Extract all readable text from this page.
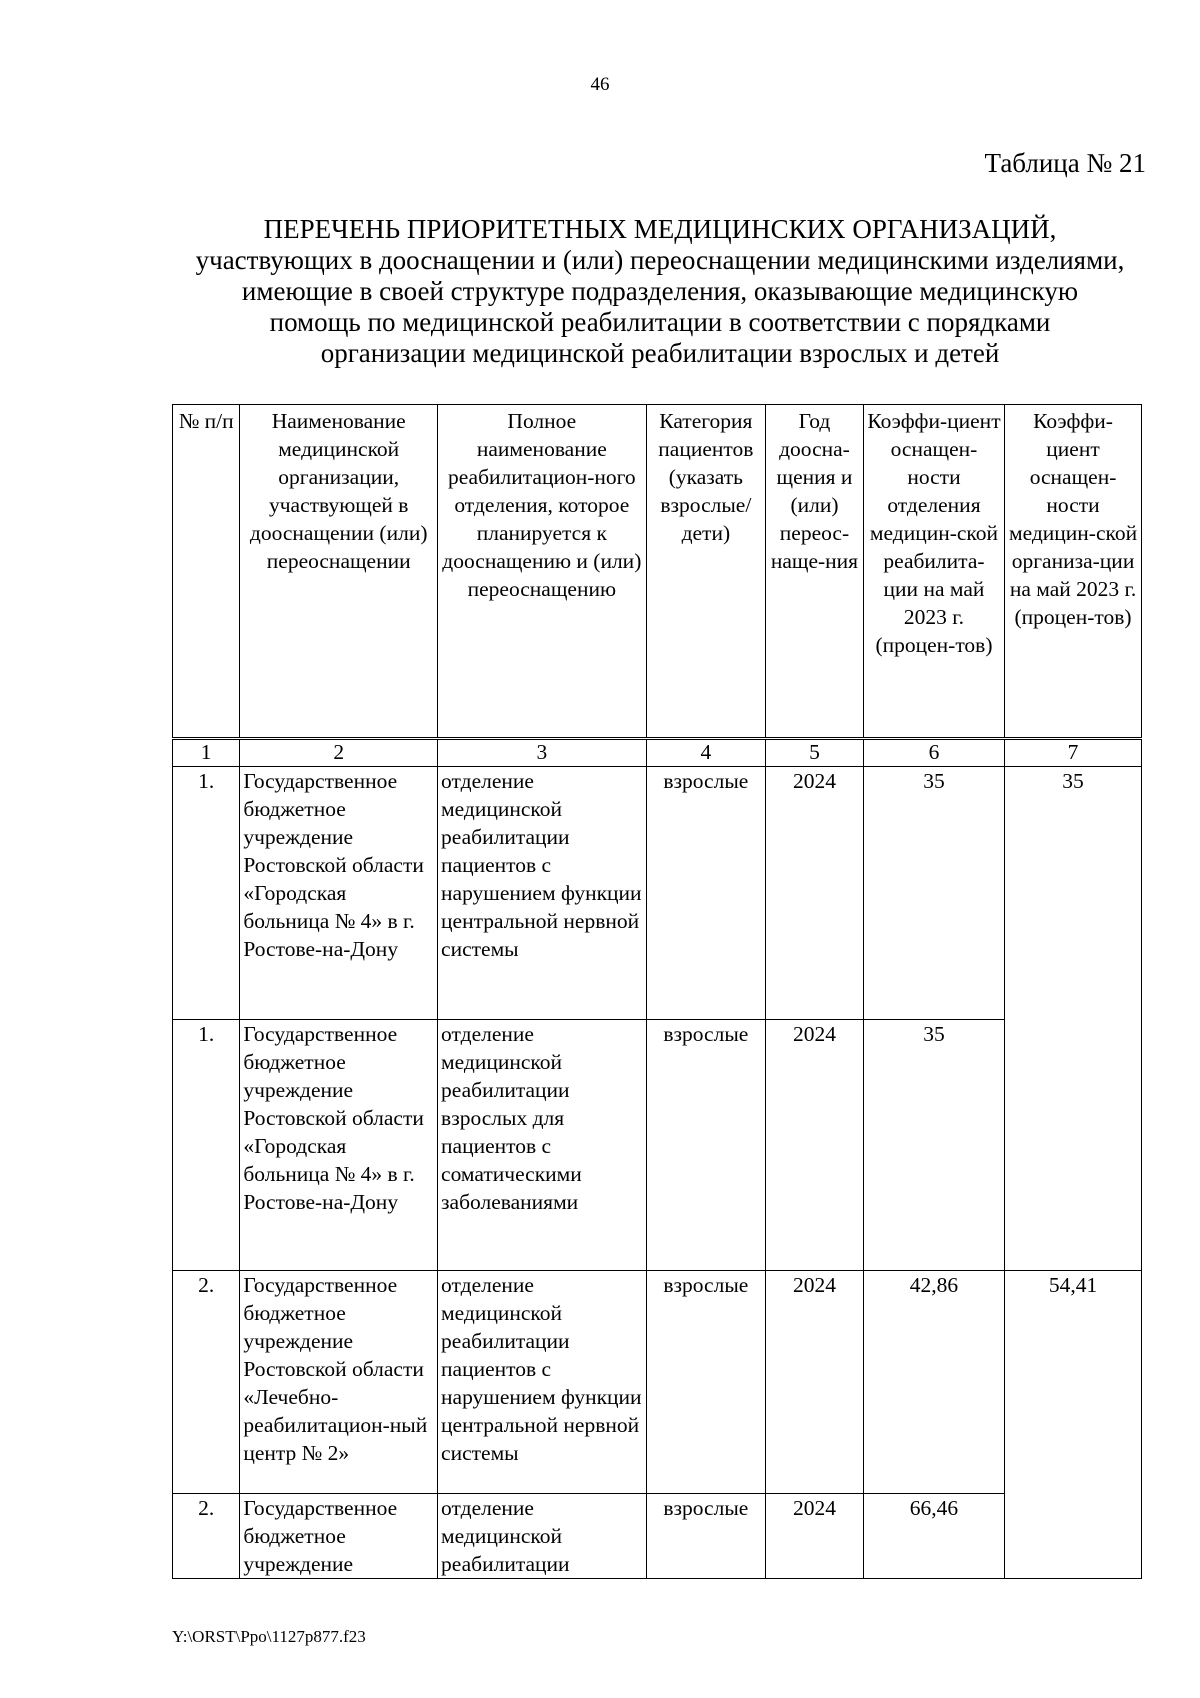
46
Таблица № 21
ПЕРЕЧЕНЬ ПРИОРИТЕТНЫХ МЕДИЦИНСКИХ ОРГАНИЗАЦИЙ,
участвующих в дооснащении и (или) переоснащении медицинскими изделиями,
имеющие в своей структуре подразделения, оказывающие медицинскую
помощь по медицинской реабилитации в соответствии с порядками
организации медицинской реабилитации взрослых и детей
№ п/п	Наименование медицинской организации, участвующей в дооснащении (или) переоснащении	Полное наименование реабилитацион-ного отделения, которое планируется к дооснащению и (или) переоснащению	Категория пациентов (указать взрослые/ дети)	Год доосна-щения и (или) переос-наще-ния	Коэффи-циент оснащен-ности отделения медицин-ской реабилита-ции на май 2023 г. (процен-тов)	Коэффи-циент оснащен-ности медицин-ской организа-ции на май 2023 г. (процен-тов)
1	2	3	4	5	6	7
1.	Государственное бюджетное учреждение Ростовской области «Городская больница № 4» в г. Ростове-на-Дону	отделение медицинской реабилитации пациентов с нарушением функции центральной нервной системы	взрослые	2024	35	35
1.	Государственное бюджетное учреждение Ростовской области «Городская больница № 4» в г. Ростове-на-Дону	отделение медицинской реабилитации взрослых для пациентов с соматическими заболеваниями	взрослые	2024	35	
2.	Государственное бюджетное учреждение Ростовской области «Лечебно-реабилитацион-ный центр № 2»	отделение медицинской реабилитации пациентов с нарушением функции центральной нервной системы	взрослые	2024	42,86	54,41
2.	Государственное бюджетное учреждение	отделение медицинской реабилитации	взрослые	2024	66,46	
Y:\ORST\Ppo\1127p877.f23
